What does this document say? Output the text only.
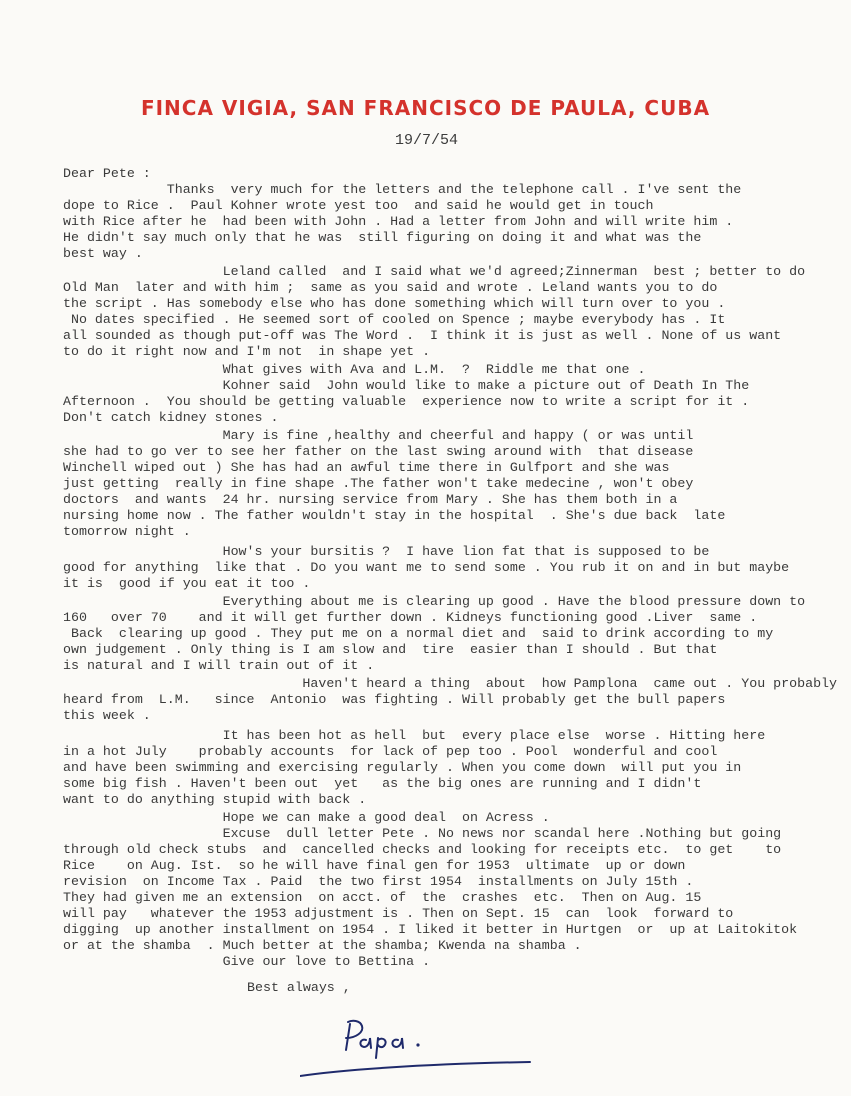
FINCA VIGIA, SAN FRANCISCO DE PAULA, CUBA
19/7/54
Dear Pete :
Thanks  very much for the letters and the telephone call . I've sent the
dope to Rice .  Paul Kohner wrote yest too  and said he would get in touch
with Rice after he  had been with John . Had a letter from John and will write him .
He didn't say much only that he was  still figuring on doing it and what was the
best way .
Leland called  and I said what we'd agreed;Zinnerman  best ; better to do
Old Man  later and with him ;  same as you said and wrote . Leland wants you to do
the script . Has somebody else who has done something which will turn over to you .
No dates specified . He seemed sort of cooled on Spence ; maybe everybody has . It
all sounded as though put-off was The Word .  I think it is just as well . None of us want
to do it right now and I'm not  in shape yet .
What gives with Ava and L.M.  ?  Riddle me that one .
Kohner said  John would like to make a picture out of Death In The
Afternoon .  You should be getting valuable  experience now to write a script for it .
Don't catch kidney stones .
Mary is fine ,healthy and cheerful and happy ( or was until
she had to go ver to see her father on the last swing around with  that disease
Winchell wiped out ) She has had an awful time there in Gulfport and she was
just getting  really in fine shape .The father won't take medecine , won't obey
doctors  and wants  24 hr. nursing service from Mary . She has them both in a
nursing home now . The father wouldn't stay in the hospital  . She's due back  late
tomorrow night .
How's your bursitis ?  I have lion fat that is supposed to be
good for anything  like that . Do you want me to send some . You rub it on and in but maybe
it is  good if you eat it too .
Everything about me is clearing up good . Have the blood pressure down to
160   over 70    and it will get further down . Kidneys functioning good .Liver  same .
Back  clearing up good . They put me on a normal diet and  said to drink according to my
own judgement . Only thing is I am slow and  tire  easier than I should . But that
is natural and I will train out of it .
Haven't heard a thing  about  how Pamplona  came out . You probably
heard from  L.M.   since  Antonio  was fighting . Will probably get the bull papers
this week .
It has been hot as hell  but  every place else  worse . Hitting here
in a hot July    probably accounts  for lack of pep too . Pool  wonderful and cool
and have been swimming and exercising regularly . When you come down  will put you in
some big fish . Haven't been out  yet   as the big ones are running and I didn't
want to do anything stupid with back .
Hope we can make a good deal  on Acress .
Excuse  dull letter Pete . No news nor scandal here .Nothing but going
through old check stubs  and  cancelled checks and looking for receipts etc.  to get    to
Rice    on Aug. Ist.  so he will have final gen for 1953  ultimate  up or down
revision  on Income Tax . Paid  the two first 1954  installments on July 15th .
They had given me an extension  on acct. of  the  crashes  etc.  Then on Aug. 15
will pay   whatever the 1953 adjustment is . Then on Sept. 15  can  look  forward to
digging  up another installment on 1954 . I liked it better in Hurtgen  or  up at Laitokitok
or at the shamba  . Much better at the shamba; Kwenda na shamba .
Give our love to Bettina .
Best always ,
